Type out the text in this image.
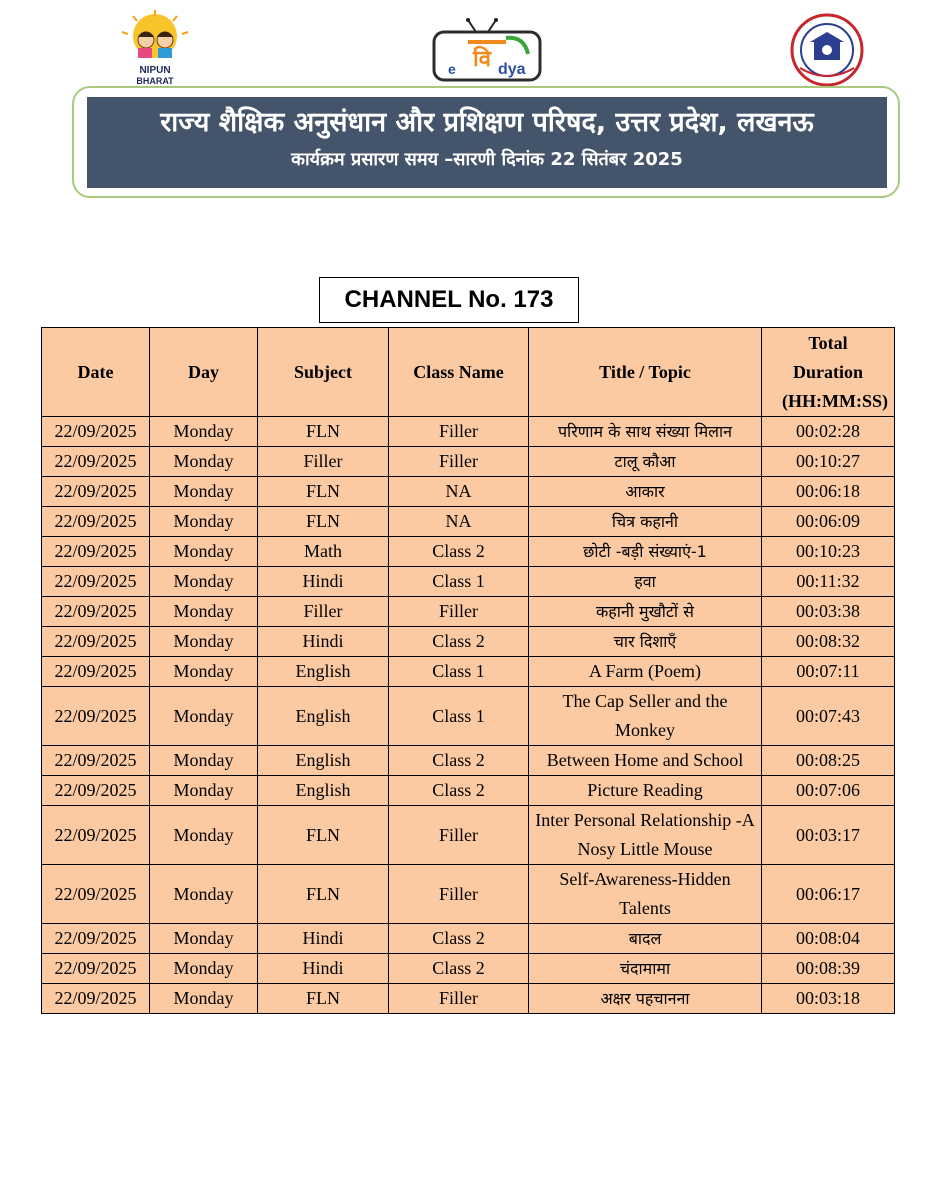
NIPUN
BHARAT
वि
e	dya
राज्य शैक्षिक अनुसंधान और प्रशिक्षण परिषद, उत्तर प्रदेश, लखनऊ
कार्यक्रम प्रसारण समय –सारणी दिनांक 22 सितंबर 2025
CHANNEL No. 173
Date	Day	Subject	Class Name	Title / Topic	Total Duration (HH:MM:SS)
22/09/2025	Monday	FLN	Filler	परिणाम के साथ संख्या मिलान	00:02:28
22/09/2025	Monday	Filler	Filler	टालू कौआ	00:10:27
22/09/2025	Monday	FLN	NA	आकार	00:06:18
22/09/2025	Monday	FLN	NA	चित्र कहानी	00:06:09
22/09/2025	Monday	Math	Class 2	छोटी -बड़ी संख्याएं-1	00:10:23
22/09/2025	Monday	Hindi	Class 1	हवा	00:11:32
22/09/2025	Monday	Filler	Filler	कहानी मुखौटों से	00:03:38
22/09/2025	Monday	Hindi	Class 2	चार दिशाएँ	00:08:32
22/09/2025	Monday	English	Class 1	A Farm (Poem)	00:07:11
22/09/2025	Monday	English	Class 1	The Cap Seller and the Monkey	00:07:43
22/09/2025	Monday	English	Class 2	Between Home and School	00:08:25
22/09/2025	Monday	English	Class 2	Picture Reading	00:07:06
22/09/2025	Monday	FLN	Filler	Inter Personal Relationship -A Nosy Little Mouse	00:03:17
22/09/2025	Monday	FLN	Filler	Self-Awareness-Hidden Talents	00:06:17
22/09/2025	Monday	Hindi	Class 2	बादल	00:08:04
22/09/2025	Monday	Hindi	Class 2	चंदामामा	00:08:39
22/09/2025	Monday	FLN	Filler	अक्षर पहचानना	00:03:18
